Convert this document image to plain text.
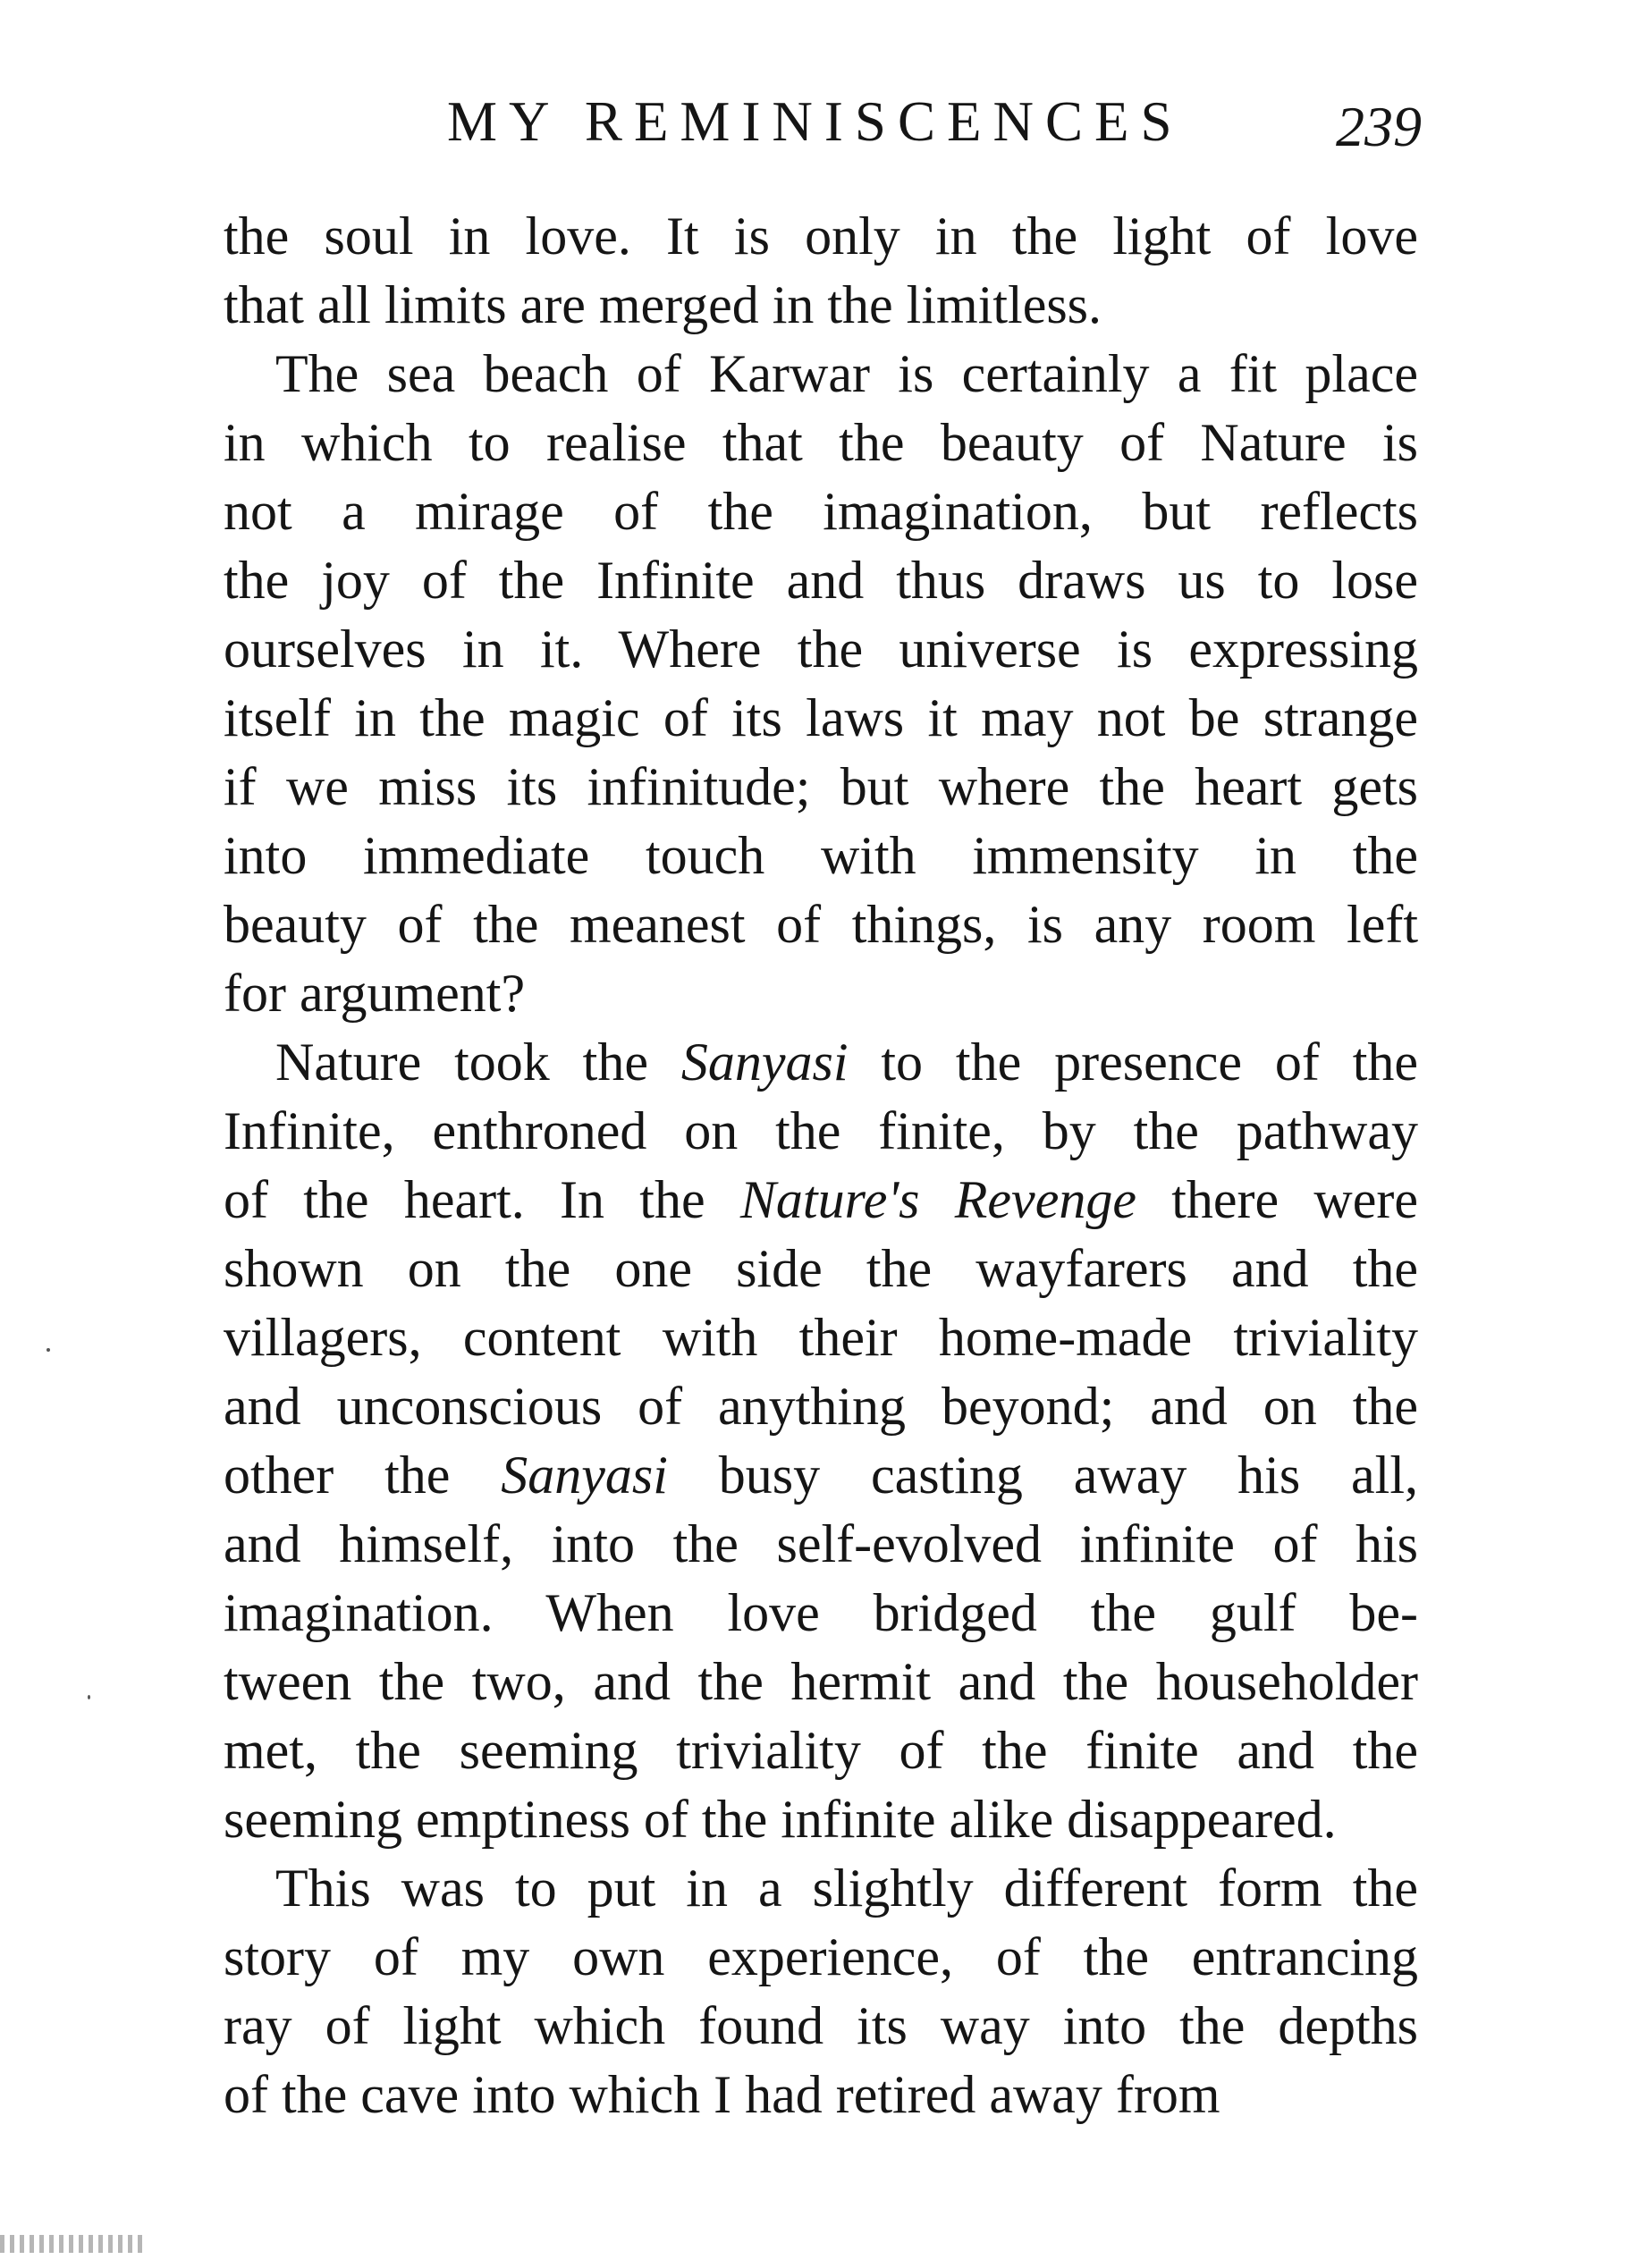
MY REMINISCENCES	239
the soul in love. It is only in the light of love
that all limits are merged in the limitless.
The sea beach of Karwar is certainly a fit place
in which to realise that the beauty of Nature is
not a mirage of the imagination, but reflects
the joy of the Infinite and thus draws us to lose
ourselves in it. Where the universe is expressing
itself in the magic of its laws it may not be strange
if we miss its infinitude; but where the heart gets
into immediate touch with immensity in the
beauty of the meanest of things, is any room left
for argument?
Nature took the Sanyasi to the presence of the
Infinite, enthroned on the finite, by the pathway
of the heart. In the Nature's Revenge there were
shown on the one side the wayfarers and the
villagers, content with their home-made triviality
and unconscious of anything beyond; and on the
other the Sanyasi busy casting away his all,
and himself, into the self-evolved infinite of his
imagination. When love bridged the gulf be-
tween the two, and the hermit and the householder
met, the seeming triviality of the finite and the
seeming emptiness of the infinite alike disappeared.
This was to put in a slightly different form the
story of my own experience, of the entrancing
ray of light which found its way into the depths
of the cave into which I had retired away from
